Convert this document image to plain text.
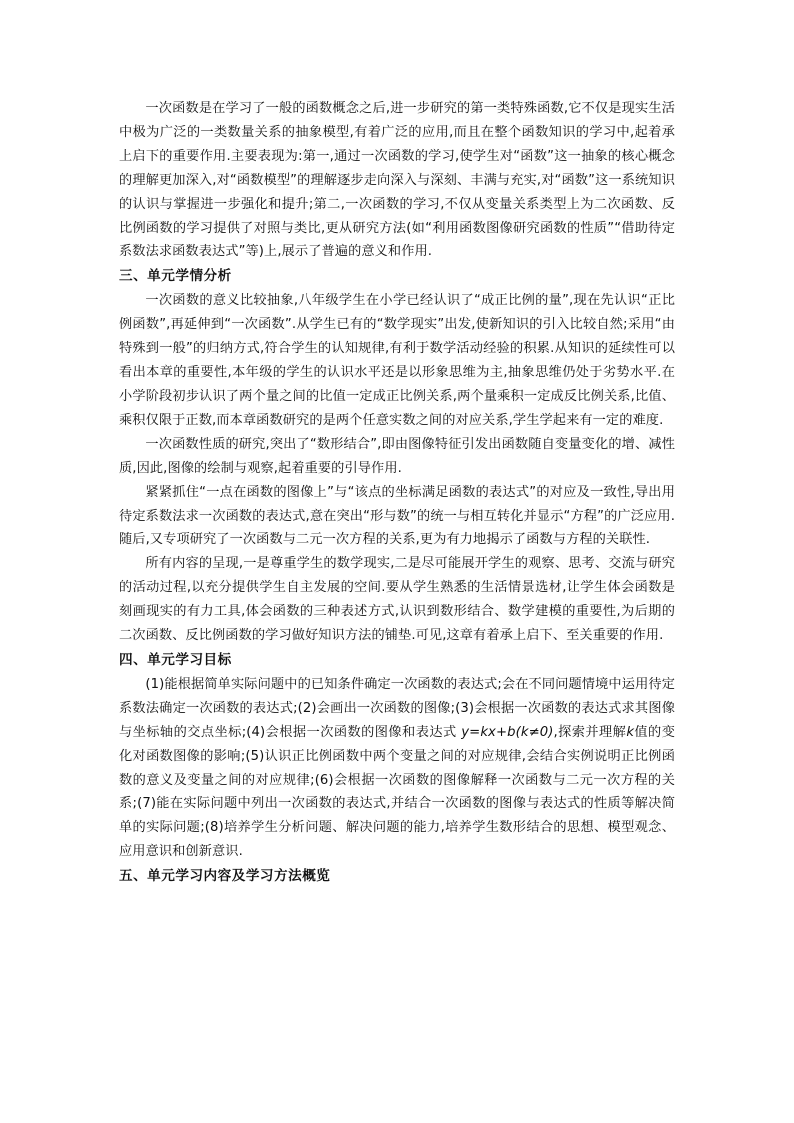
一次函数是在学习了一般的函数概念之后,进一步研究的第一类特殊函数,它不仅是现实生活中极为广泛的一类数量关系的抽象模型,有着广泛的应用,而且在整个函数知识的学习中,起着承上启下的重要作用.主要表现为:第一,通过一次函数的学习,使学生对“函数”这一抽象的核心概念的理解更加深入,对“函数模型”的理解逐步走向深入与深刻、丰满与充实,对“函数”这一系统知识的认识与掌握进一步强化和提升;第二,一次函数的学习,不仅从变量关系类型上为二次函数、反比例函数的学习提供了对照与类比,更从研究方法(如“利用函数图像研究函数的性质”“借助待定系数法求函数表达式”等)上,展示了普遍的意义和作用.

三、单元学情分析

一次函数的意义比较抽象,八年级学生在小学已经认识了“成正比例的量”,现在先认识“正比例函数”,再延伸到“一次函数”.从学生已有的“数学现实”出发,使新知识的引入比较自然;采用“由特殊到一般”的归纳方式,符合学生的认知规律,有利于数学活动经验的积累.从知识的延续性可以看出本章的重要性,本年级的学生的认识水平还是以形象思维为主,抽象思维仍处于劣势水平.在小学阶段初步认识了两个量之间的比值一定成正比例关系,两个量乘积一定成反比例关系,比值、乘积仅限于正数,而本章函数研究的是两个任意实数之间的对应关系,学生学起来有一定的难度.

一次函数性质的研究,突出了“数形结合”,即由图像特征引发出函数随自变量变化的增、减性质,因此,图像的绘制与观察,起着重要的引导作用.

紧紧抓住“一点在函数的图像上”与“该点的坐标满足函数的表达式”的对应及一致性,导出用待定系数法求一次函数的表达式,意在突出“形与数”的统一与相互转化并显示“方程”的广泛应用.随后,又专项研究了一次函数与二元一次方程的关系,更为有力地揭示了函数与方程的关联性.

所有内容的呈现,一是尊重学生的数学现实,二是尽可能展开学生的观察、思考、交流与研究的活动过程,以充分提供学生自主发展的空间.要从学生熟悉的生活情景选材,让学生体会函数是刻画现实的有力工具,体会函数的三种表述方式,认识到数形结合、数学建模的重要性,为后期的二次函数、反比例函数的学习做好知识方法的铺垫.可见,这章有着承上启下、至关重要的作用.

四、单元学习目标

(1)能根据简单实际问题中的已知条件确定一次函数的表达式;会在不同问题情境中运用待定系数法确定一次函数的表达式;(2)会画出一次函数的图像;(3)会根据一次函数的表达式求其图像与坐标轴的交点坐标;(4)会根据一次函数的图像和表达式 y=kx+b(k≠0),探索并理解k值的变化对函数图像的影响;(5)认识正比例函数中两个变量之间的对应规律,会结合实例说明正比例函数的意义及变量之间的对应规律;(6)会根据一次函数的图像解释一次函数与二元一次方程的关系;(7)能在实际问题中列出一次函数的表达式,并结合一次函数的图像与表达式的性质等解决简单的实际问题;(8)培养学生分析问题、解决问题的能力,培养学生数形结合的思想、模型观念、应用意识和创新意识.

五、单元学习内容及学习方法概览
